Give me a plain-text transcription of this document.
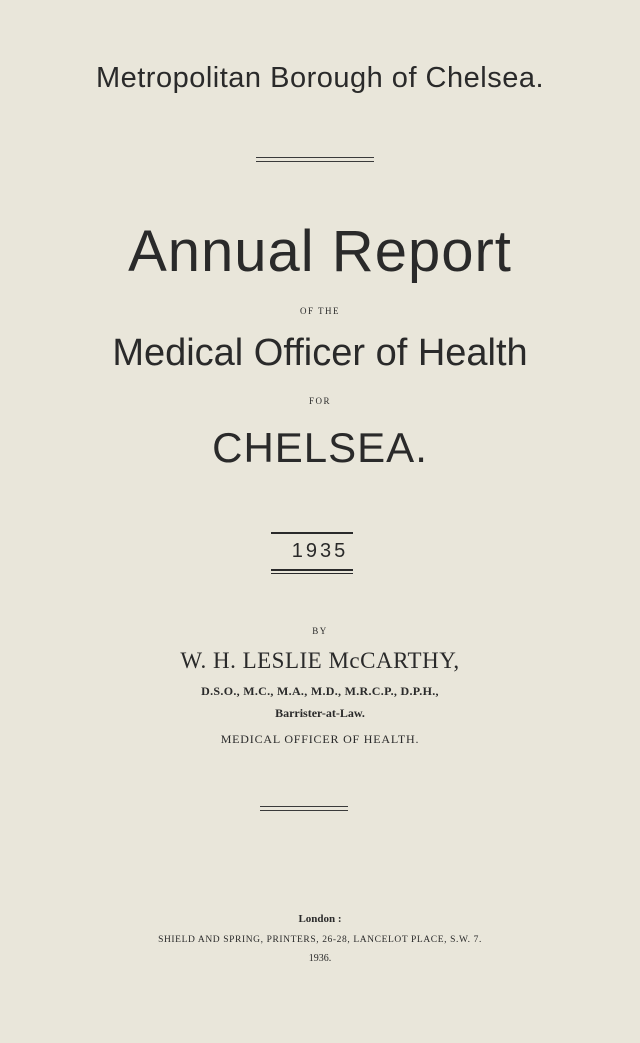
Metropolitan Borough of Chelsea.
Annual Report
OF THE
Medical Officer of Health
FOR
CHELSEA.
1935
BY
W. H. LESLIE McCARTHY,
D.S.O., M.C., M.A., M.D., M.R.C.P., D.P.H.,
Barrister-at-Law.
MEDICAL OFFICER OF HEALTH.
London :
SHIELD AND SPRING, PRINTERS, 26-28, LANCELOT PLACE, S.W. 7.
1936.
